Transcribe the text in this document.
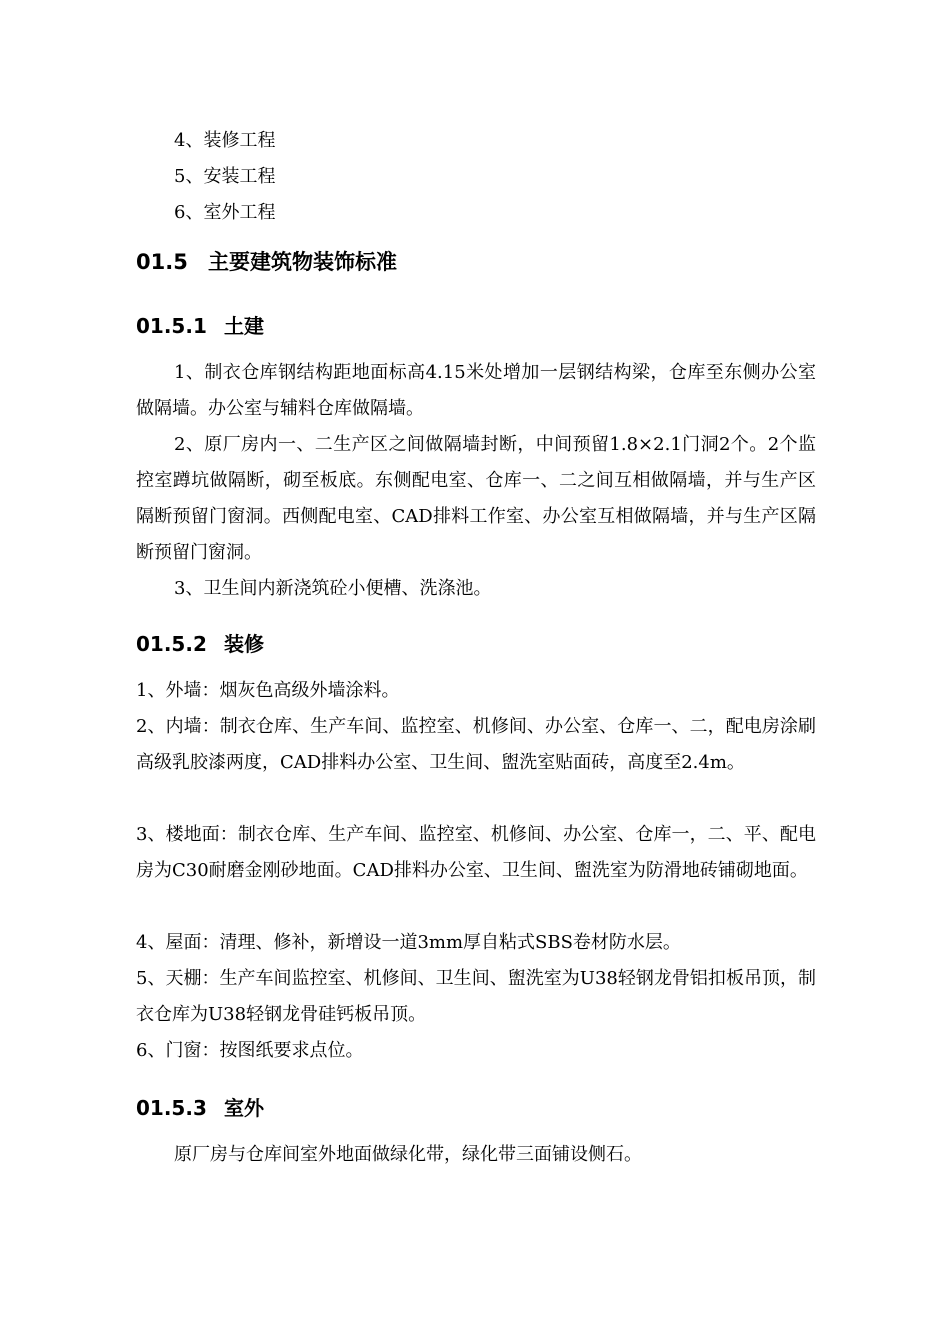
4、装修工程
5、安装工程
6、室外工程
01.5 主要建筑物装饰标准
01.5.1 土建

1、制衣仓库钢结构距地面标高4.15米处增加一层钢结构梁，仓库至东侧办公室做隔墙。办公室与辅料仓库做隔墙。

2、原厂房内一、二生产区之间做隔墙封断，中间预留1.8×2.1门洞2个。2个监控室蹲坑做隔断，砌至板底。东侧配电室、仓库一、二之间互相做隔墙，并与生产区隔断预留门窗洞。西侧配电室、CAD排料工作室、办公室互相做隔墙，并与生产区隔断预留门窗洞。

3、卫生间内新浇筑砼小便槽、洗涤池。

01.5.2 装修

1、外墙：烟灰色高级外墙涂料。

2、内墙：制衣仓库、生产车间、监控室、机修间、办公室、仓库一、二，配电房涂刷高级乳胶漆两度，CAD排料办公室、卫生间、盥洗室贴面砖，高度至2.4m。

3、楼地面：制衣仓库、生产车间、监控室、机修间、办公室、仓库一，二、平、配电房为C30耐磨金刚砂地面。CAD排料办公室、卫生间、盥洗室为防滑地砖铺砌地面。

4、屋面：清理、修补，新增设一道3mm厚自粘式SBS卷材防水层。

5、天棚：生产车间监控室、机修间、卫生间、盥洗室为U38轻钢龙骨铝扣板吊顶，制衣仓库为U38轻钢龙骨硅钙板吊顶。

6、门窗：按图纸要求点位。

01.5.3 室外

原厂房与仓库间室外地面做绿化带，绿化带三面铺设侧石。
